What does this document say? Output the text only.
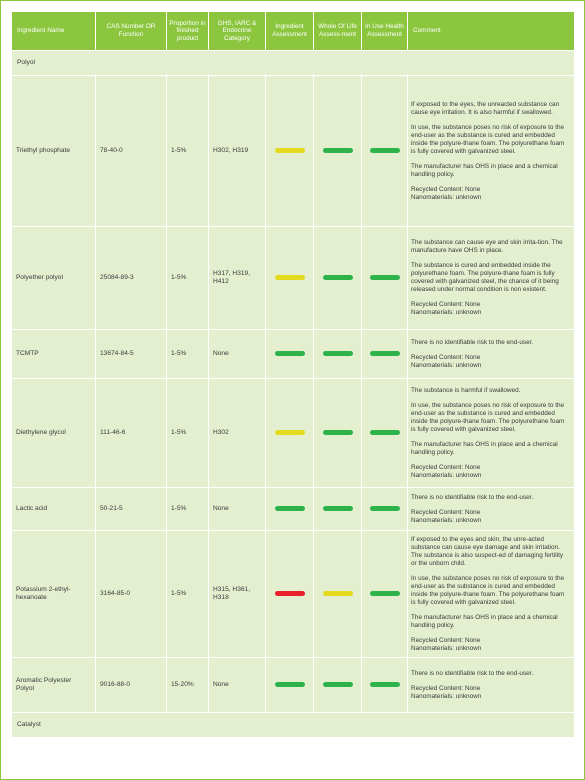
Ingredient Name	CAS Number OR Function	Proportion in finished product	GHS, IARC & Endocrine Category	Ingredient Assessment	Whole Of Life Assess-ment	In Use Health Assessment	Comment
Polyol							
Triethyl phosphate	78-40-0	1-5%	H302, H319				If exposed to the eyes, the unreacted substance can cause eye irritation. It is also harmful if swallowed.

In use, the substance poses no risk of exposure to the end-user as the substance is cured and embedded inside the polyure-thane foam. The polyurethane foam is fully covered with galvanized steel.

The manufacturer has OHS in place and a chemical handling policy.

Recycled Content: None

Nanomaterials: unknown

Polyether polyol	25084-89-3	1-5%	H317, H319, H412				The substance can cause eye and skin irrita-tion. The manufacture have OHS in place.

The substance is cured and embedded inside the polyurethane foam. The polyure-thane foam is fully covered with galvanized steel, the chance of it being released under normal condition is non existent.

Recycled Content: None

Nanomaterials: unknown

TCMTP	13674-84-5	1-5%	None				There is no identifiable risk to the end-user.

Recycled Content: None

Nanomaterials: unknown

Diethylene glycol	111-46-6	1-5%	H302				The substance is harmful if swallowed.

In use, the substance poses no risk of exposure to the end-user as the substance is cured and embedded inside the polyure-thane foam. The polyurethane foam is fully covered with galvanized steel.

The manufacturer has OHS in place and a chemical handling policy.

Recycled Content: None

Nanomaterials: unknown

Lactic acid	50-21-5	1-5%	None				There is no identifiable risk to the end-user.

Recycled Content: None

Nanomaterials: unknown

Potassium 2-ethyl-hexanoate	3164-85-0	1-5%	H315, H361, H318				If exposed to the eyes and skin, the unre-acted substance can cause eye damage and skin irritation. The substance is also suspect-ed of damaging fertility or the unborn child.

In use, the substance poses no risk of exposure to the end-user as the substance is cured and embedded inside the polyure-thane foam. The polyurethane foam is fully covered with galvanized steel.

The manufacturer has OHS in place and a chemical handling policy.

Recycled Content: None

Nanomaterials: unknown

Aromatic Polyester Polyol	9016-88-0	15-20%	None				There is no identifiable risk to the end-user.

Recycled Content: None

Nanomaterials: unknown

Catalyst							
